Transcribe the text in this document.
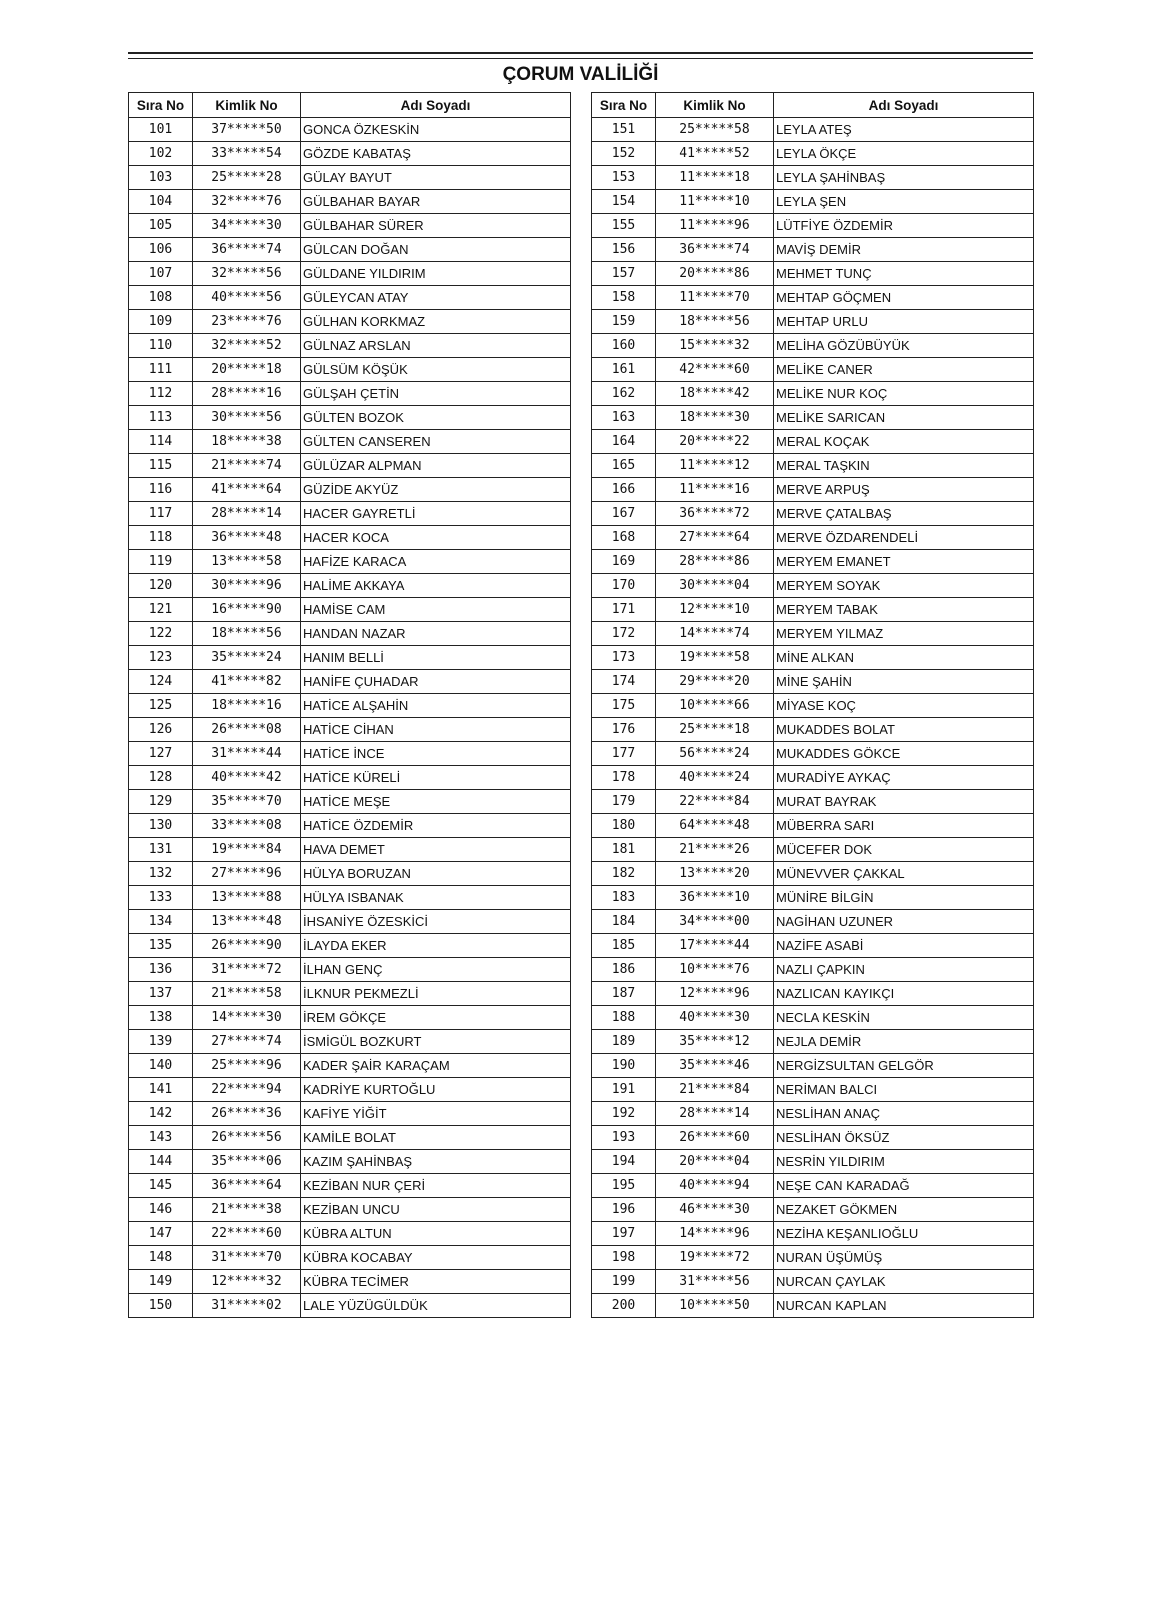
ÇORUM VALİLİĞİ
Sıra No	Kimlik No	Adı Soyadı
101	37*****50	GONCA ÖZKESKİN
102	33*****54	GÖZDE KABATAŞ
103	25*****28	GÜLAY BAYUT
104	32*****76	GÜLBAHAR BAYAR
105	34*****30	GÜLBAHAR SÜRER
106	36*****74	GÜLCAN DOĞAN
107	32*****56	GÜLDANE YILDIRIM
108	40*****56	GÜLEYCAN ATAY
109	23*****76	GÜLHAN KORKMAZ
110	32*****52	GÜLNAZ ARSLAN
111	20*****18	GÜLSÜM KÖŞÜK
112	28*****16	GÜLŞAH ÇETİN
113	30*****56	GÜLTEN BOZOK
114	18*****38	GÜLTEN CANSEREN
115	21*****74	GÜLÜZAR ALPMAN
116	41*****64	GÜZİDE AKYÜZ
117	28*****14	HACER GAYRETLİ
118	36*****48	HACER KOCA
119	13*****58	HAFİZE KARACA
120	30*****96	HALİME AKKAYA
121	16*****90	HAMİSE CAM
122	18*****56	HANDAN NAZAR
123	35*****24	HANIM BELLİ
124	41*****82	HANİFE ÇUHADAR
125	18*****16	HATİCE ALŞAHİN
126	26*****08	HATİCE CİHAN
127	31*****44	HATİCE İNCE
128	40*****42	HATİCE KÜRELİ
129	35*****70	HATİCE MEŞE
130	33*****08	HATİCE ÖZDEMİR
131	19*****84	HAVA DEMET
132	27*****96	HÜLYA BORUZAN
133	13*****88	HÜLYA ISBANAK
134	13*****48	İHSANİYE ÖZESKİCİ
135	26*****90	İLAYDA EKER
136	31*****72	İLHAN GENÇ
137	21*****58	İLKNUR PEKMEZLİ
138	14*****30	İREM GÖKÇE
139	27*****74	İSMİGÜL BOZKURT
140	25*****96	KADER ŞAİR KARAÇAM
141	22*****94	KADRİYE KURTOĞLU
142	26*****36	KAFİYE YİĞİT
143	26*****56	KAMİLE BOLAT
144	35*****06	KAZIM ŞAHİNBAŞ
145	36*****64	KEZİBAN NUR ÇERİ
146	21*****38	KEZİBAN UNCU
147	22*****60	KÜBRA ALTUN
148	31*****70	KÜBRA KOCABAY
149	12*****32	KÜBRA TECİMER
150	31*****02	LALE YÜZÜGÜLDÜK
Sıra No	Kimlik No	Adı Soyadı
151	25*****58	LEYLA ATEŞ
152	41*****52	LEYLA ÖKÇE
153	11*****18	LEYLA ŞAHİNBAŞ
154	11*****10	LEYLA ŞEN
155	11*****96	LÜTFİYE ÖZDEMİR
156	36*****74	MAVİŞ DEMİR
157	20*****86	MEHMET TUNÇ
158	11*****70	MEHTAP GÖÇMEN
159	18*****56	MEHTAP URLU
160	15*****32	MELİHA GÖZÜBÜYÜK
161	42*****60	MELİKE CANER
162	18*****42	MELİKE NUR KOÇ
163	18*****30	MELİKE SARICAN
164	20*****22	MERAL KOÇAK
165	11*****12	MERAL TAŞKIN
166	11*****16	MERVE ARPUŞ
167	36*****72	MERVE ÇATALBAŞ
168	27*****64	MERVE ÖZDARENDELİ
169	28*****86	MERYEM EMANET
170	30*****04	MERYEM SOYAK
171	12*****10	MERYEM TABAK
172	14*****74	MERYEM YILMAZ
173	19*****58	MİNE ALKAN
174	29*****20	MİNE ŞAHİN
175	10*****66	MİYASE KOÇ
176	25*****18	MUKADDES BOLAT
177	56*****24	MUKADDES GÖKCE
178	40*****24	MURADİYE AYKAÇ
179	22*****84	MURAT BAYRAK
180	64*****48	MÜBERRA SARI
181	21*****26	MÜCEFER DOK
182	13*****20	MÜNEVVER ÇAKKAL
183	36*****10	MÜNİRE BİLGİN
184	34*****00	NAGİHAN UZUNER
185	17*****44	NAZİFE ASABİ
186	10*****76	NAZLI ÇAPKIN
187	12*****96	NAZLICAN KAYIKÇI
188	40*****30	NECLA KESKİN
189	35*****12	NEJLA DEMİR
190	35*****46	NERGİZSULTAN GELGÖR
191	21*****84	NERİMAN BALCI
192	28*****14	NESLİHAN ANAÇ
193	26*****60	NESLİHAN ÖKSÜZ
194	20*****04	NESRİN YILDIRIM
195	40*****94	NEŞE CAN KARADAĞ
196	46*****30	NEZAKET GÖKMEN
197	14*****96	NEZİHA KEŞANLIOĞLU
198	19*****72	NURAN ÜŞÜMÜŞ
199	31*****56	NURCAN ÇAYLAK
200	10*****50	NURCAN KAPLAN
